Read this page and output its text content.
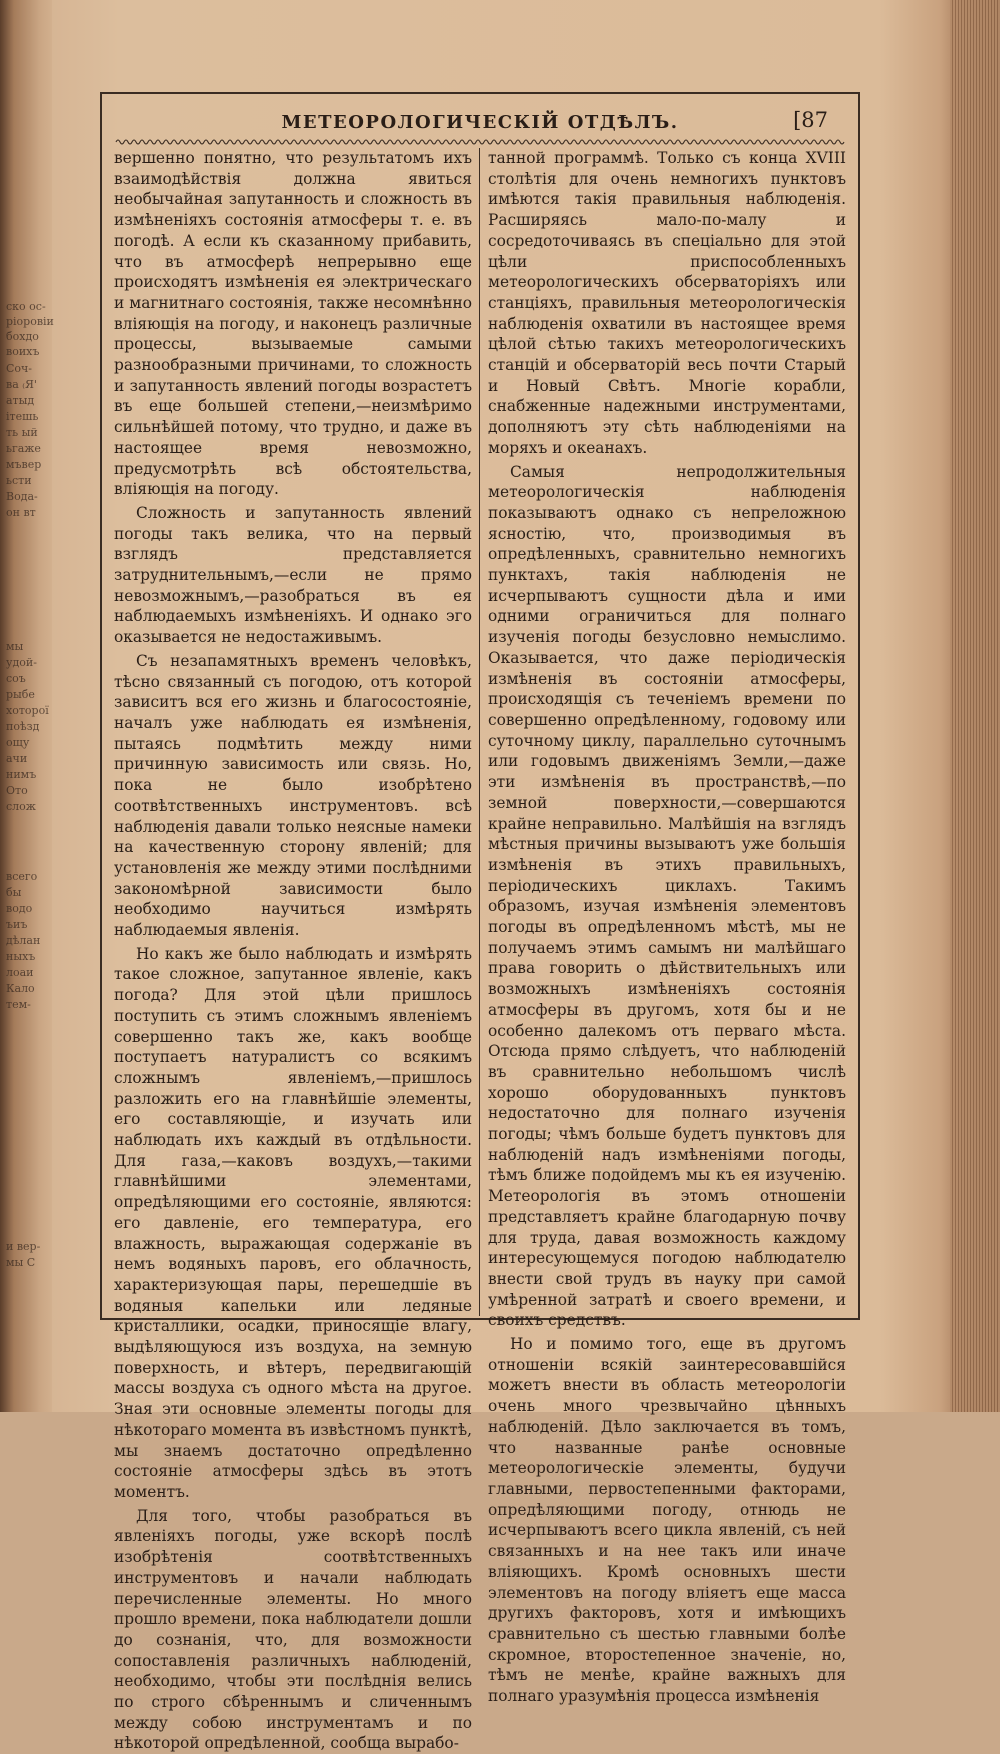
ско ос-
ріоровіи
бохдо
воихъ
Соч-
ва ₍Я'
атыд
ітешь
ть ый
ьгаже
мъвер
ьсти
Вода-
он вт
мы
удой-
соъ
рыбе
хоторої
поѣзд
ощу
ачи
нимъ
Ото
слож
всего
бы
водо
ъиъ
дѣлан
ныхъ
лоаи
Кало
тем-
и вер-
мы С
МЕТЕОРОЛОГИЧЕСКІЙ ОТДѢЛЪ.	[87

вершенно понятно, что результатомъ ихъ взаимодѣйствія должна явиться необычайная запутанность и сложность въ измѣненіяхъ состоянія атмосферы т. е. въ погодѣ. А если къ сказанному прибавить, что въ атмосферѣ непрерывно еще происходятъ измѣненія ея электрическаго и магнитнаго состоянія, также несомнѣнно вліяющія на погоду, и наконецъ различные процессы, вызываемые самыми разнообразными причинами, то сложность и запутанность явлений погоды возрастетъ въ еще большей степени,—неизмѣримо сильнѣйшей потому, что трудно, и даже въ настоящее время невозможно, предусмотрѣть всѣ обстоятельства, вліяющія на погоду.

Сложность и запутанность явлений погоды такъ велика, что на первый взглядъ представляется затруднительнымъ,—если не прямо невозможнымъ,—разобраться въ ея наблюдаемыхъ измѣненіяхъ. И однако эго оказывается не недостаживымъ.

Съ незапамятныхъ временъ человѣкъ, тѣсно связанный съ погодою, отъ которой зависитъ вся его жизнь и благосостояніе, началъ уже наблюдать ея измѣненія, пытаясь подмѣтить между ними причинную зависимость или связь. Но, пока не было изобрѣтено соотвѣтственныхъ инструментовъ. всѣ наблюденія давали только неясные намеки на качественную сторону явленій; для установленія же между этими послѣдними закономѣрной зависимости было необходимо научиться измѣрять наблюдаемыя явленія.

Но какъ же было наблюдать и измѣрять такое сложное, запутанное явленіе, какъ погода? Для этой цѣли пришлось поступить съ этимъ сложнымъ явленіемъ совершенно такъ же, какъ вообще поступаетъ натуралистъ со всякимъ сложнымъ явленіемъ,—пришлось разложить его на главнѣйшіе элементы, его составляющіе, и изучать или наблюдать ихъ каждый въ отдѣльности. Для газа,—каковъ воздухъ,—такими главнѣйшими элементами, опредѣляющими его состояніе, являются: его давленіе, его температура, его влажность, выражающая содержаніе въ немъ водяныхъ паровъ, его облачность, характеризующая пары, перешедшіе въ водяныя капельки или ледяные кристаллики, осадки, приносящіе влагу, выдѣляющуюся изъ воздуха, на земную поверхность, и вѣтеръ, передвигающій массы воздуха съ одного мѣста на другое. Зная эти основные элементы погоды для нѣкотораго момента въ извѣстномъ пунктѣ, мы знаемъ достаточно опредѣленно состояніе атмосферы здѣсь въ этотъ моментъ.

Для того, чтобы разобраться въ явленіяхъ погоды, уже вскорѣ послѣ изобрѣтенія соотвѣтственныхъ инструментовъ и начали наблюдать перечисленные элементы. Но много прошло времени, пока наблюдатели дошли до сознанія, что, для возможности сопоставленія различныхъ наблюденій, необходимо, чтобы эти послѣднія велись по строго сбѣреннымъ и сличеннымъ между собою инструментамъ и по нѣкоторой опредѣленной, сообща вырабо-

танной программѣ. Только съ конца XVIII столѣтія для очень немногихъ пунктовъ имѣются такія правильныя наблюденія. Расширяясь мало-по-малу и сосредоточиваясь въ спеціально для этой цѣли приспособленныхъ метеорологическихъ обсерваторіяхъ или станціяхъ, правильныя метеорологическія наблюденія охватили въ настоящее время цѣлой сѣтью такихъ метеорологическихъ станцій и обсерваторій весь почти Старый и Новый Свѣтъ. Многіе корабли, снабженные надежными инструментами, дополняютъ эту сѣть наблюденіями на моряхъ и океанахъ.

Самыя непродолжительныя метеорологическія наблюденія показываютъ однако съ непреложною ясностію, что, производимыя въ опредѣленныхъ, сравнительно немногихъ пунктахъ, такія наблюденія не исчерпываютъ сущности дѣла и ими одними ограничиться для полнаго изученія погоды безусловно немыслимо. Оказывается, что даже періодическія измѣненія въ состояніи атмосферы, происходящія съ теченіемъ времени по совершенно опредѣленному, годовому или суточному циклу, параллельно суточнымъ или годовымъ движеніямъ Земли,—даже эти измѣненія въ пространствѣ,—по земной поверхности,—совершаются крайне неправильно. Малѣйшія на взглядъ мѣстныя причины вызываютъ уже большія измѣненія въ этихъ правильныхъ, періодическихъ циклахъ. Такимъ образомъ, изучая измѣненія элементовъ погоды въ опредѣленномъ мѣстѣ, мы не получаемъ этимъ самымъ ни малѣйшаго права говорить о дѣйствительныхъ или возможныхъ измѣненіяхъ состоянія атмосферы въ другомъ, хотя бы и не особенно далекомъ отъ перваго мѣста. Отсюда прямо слѣдуетъ, что наблюденій въ сравнительно небольшомъ числѣ хорошо оборудованныхъ пунктовъ недостаточно для полнаго изученія погоды; чѣмъ больше будетъ пунктовъ для наблюденій надъ измѣненіями погоды, тѣмъ ближе подойдемъ мы къ ея изученію. Метеорологія въ этомъ отношеніи представляетъ крайне благодарную почву для труда, давая возможность каждому интересующемуся погодою наблюдателю внести свой трудъ въ науку при самой умѣренной затратѣ и своего времени, и своихъ средствъ.

Но и помимо того, еще въ другомъ отношеніи всякій заинтересовавшійся можетъ внести въ область метеорологіи очень много чрезвычайно цѣнныхъ наблюденій. Дѣло заключается въ томъ, что названные ранѣе основные метеорологическіе элементы, будучи главными, первостепенными факторами, опредѣляющими погоду, отнюдь не исчерпываютъ всего цикла явленій, съ ней связанныхъ и на нее такъ или иначе вліяющихъ. Кромѣ основныхъ шести элементовъ на погоду вліяетъ еще масса другихъ факторовъ, хотя и имѣющихъ сравнительно съ шестью главными болѣе скромное, второстепенное значеніе, но, тѣмъ не менѣе, крайне важныхъ для полнаго уразумѣнія процесса измѣненія
